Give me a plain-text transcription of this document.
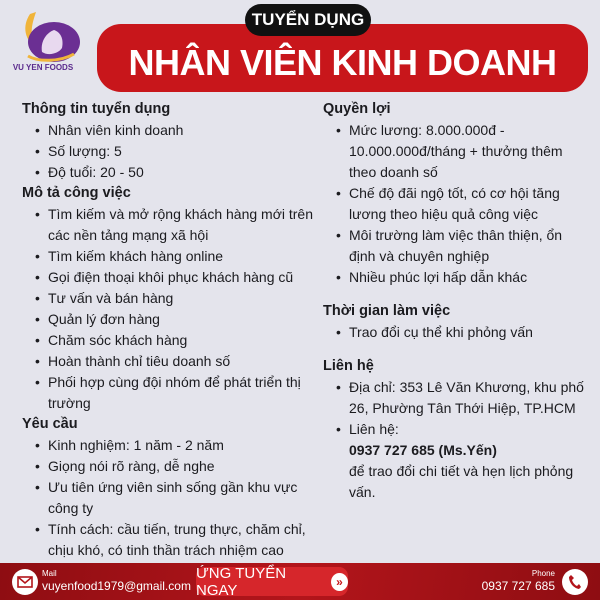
VU YEN FOODS
TUYỂN DỤNG
NHÂN VIÊN KINH DOANH
Thông tin tuyển dụng
• Nhân viên kinh doanh
• Số lượng: 5
• Độ tuổi: 20 - 50
Mô tả công việc
• Tìm kiếm và mở rộng khách hàng mới trên các nền tảng mạng xã hội
• Tìm kiếm khách hàng online
• Gọi điện thoại khôi phục khách hàng cũ
• Tư vấn và bán hàng
• Quản lý đơn hàng
• Chăm sóc khách hàng
• Hoàn thành chỉ tiêu doanh số
• Phối hợp cùng đội nhóm để phát triển thị trường
Yêu cầu
• Kinh nghiệm: 1 năm - 2 năm
• Giọng nói rõ ràng, dễ nghe
• Ưu tiên ứng viên sinh sống gần khu vực công ty
• Tính cách: cầu tiến, trung thực, chăm chỉ, chịu khó, có tinh thần trách nhiệm cao
Quyền lợi
• Mức lương: 8.000.000đ - 10.000.000đ/tháng + thưởng thêm theo doanh số
• Chế độ đãi ngộ tốt, có cơ hội tăng lương theo hiệu quả công việc
• Môi trường làm việc thân thiện, ổn định và chuyên nghiệp
• Nhiều phúc lợi hấp dẫn khác
Thời gian làm việc
• Trao đổi cụ thể khi phỏng vấn
Liên hệ
• Địa chỉ: 353 Lê Văn Khương, khu phố 26, Phường Tân Thới Hiệp, TP.HCM
• Liên hệ:
0937 727 685 (Ms.Yến)
để trao đổi chi tiết và hẹn lịch phỏng vấn.
Mail
vuyenfood1979@gmail.com
ỨNG TUYỂN NGAY	»
Phone
0937 727 685
